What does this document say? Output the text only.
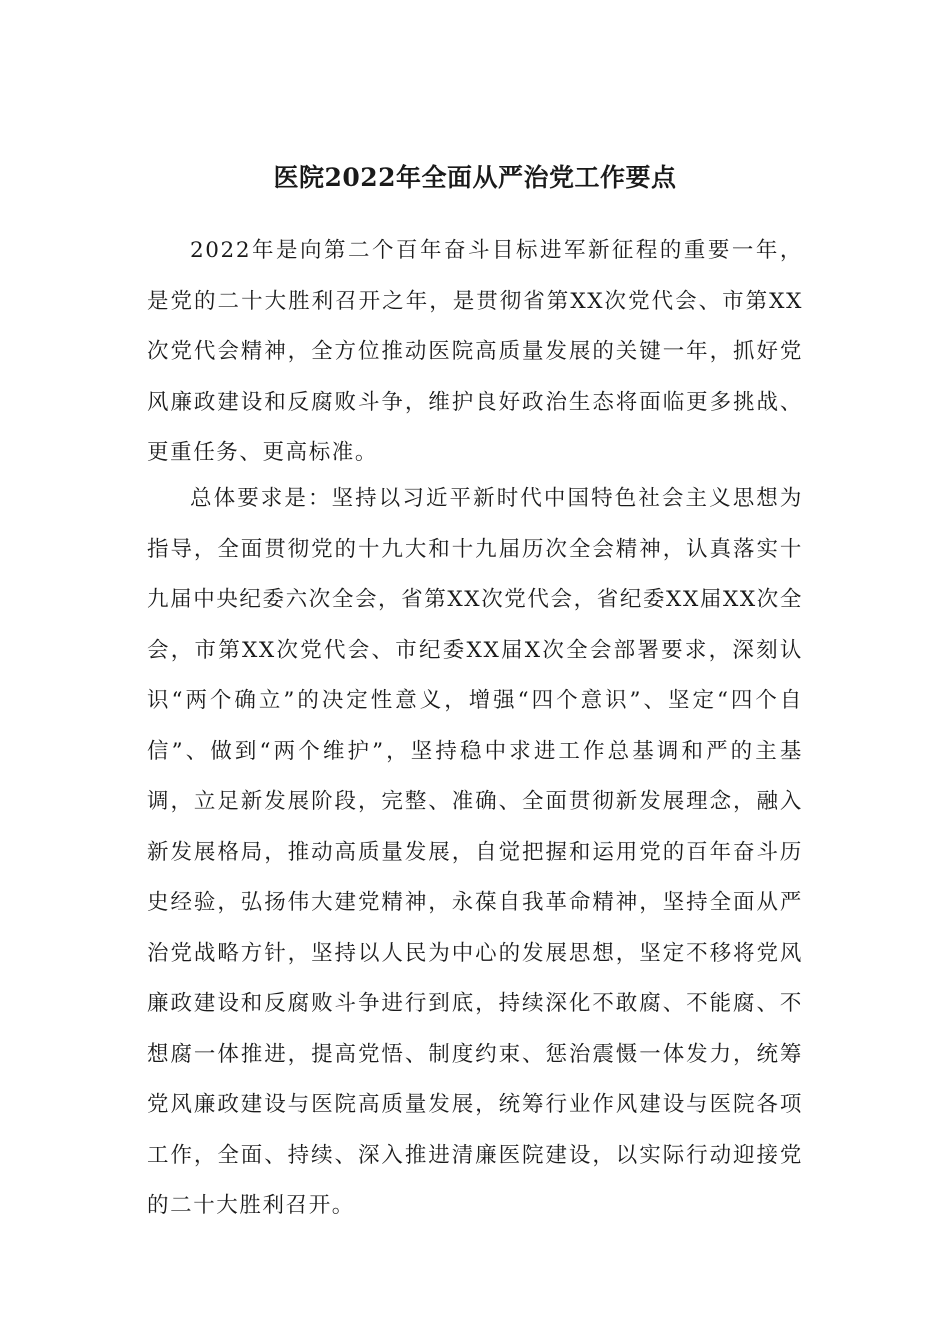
医院2022年全面从严治党工作要点

2022年是向第二个百年奋斗目标进军新征程的重要一年，是党的二十大胜利召开之年，是贯彻省第XX次党代会、市第XX次党代会精神，全方位推动医院高质量发展的关键一年，抓好党风廉政建设和反腐败斗争，维护良好政治生态将面临更多挑战、更重任务、更高标准。

总体要求是：坚持以习近平新时代中国特色社会主义思想为指导，全面贯彻党的十九大和十九届历次全会精神，认真落实十九届中央纪委六次全会，省第XX次党代会，省纪委XX届XX次全会，市第XX次党代会、市纪委XX届X次全会部署要求，深刻认识“两个确立”的决定性意义，增强“四个意识”、坚定“四个自信”、做到“两个维护”，坚持稳中求进工作总基调和严的主基调，立足新发展阶段，完整、准确、全面贯彻新发展理念，融入新发展格局，推动高质量发展，自觉把握和运用党的百年奋斗历史经验，弘扬伟大建党精神，永葆自我革命精神，坚持全面从严治党战略方针，坚持以人民为中心的发展思想，坚定不移将党风廉政建设和反腐败斗争进行到底，持续深化不敢腐、不能腐、不想腐一体推进，提高党悟、制度约束、惩治震慑一体发力，统筹党风廉政建设与医院高质量发展，统筹行业作风建设与医院各项工作，全面、持续、深入推进清廉医院建设，以实际行动迎接党的二十大胜利召开。
